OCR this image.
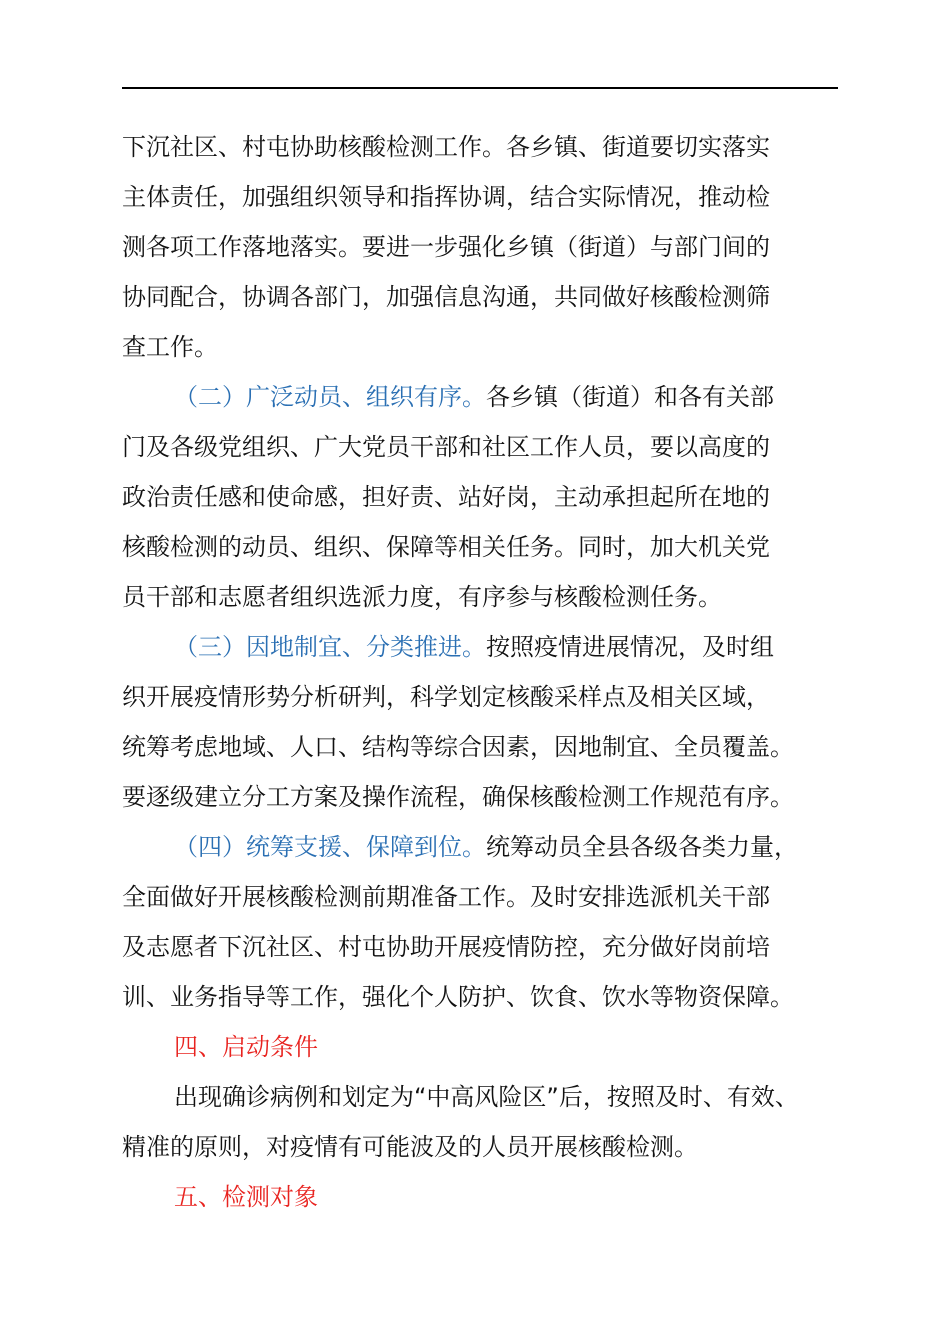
下沉社区、村屯协助核酸检测工作。各乡镇、街道要切实落实
主体责任，加强组织领导和指挥协调，结合实际情况，推动检
测各项工作落地落实。要进一步强化乡镇（街道）与部门间的
协同配合，协调各部门，加强信息沟通，共同做好核酸检测筛
查工作。
（二）广泛动员、组织有序。各乡镇（街道）和各有关部
门及各级党组织、广大党员干部和社区工作人员，要以高度的
政治责任感和使命感，担好责、站好岗，主动承担起所在地的
核酸检测的动员、组织、保障等相关任务。同时，加大机关党
员干部和志愿者组织选派力度，有序参与核酸检测任务。
（三）因地制宜、分类推进。按照疫情进展情况，及时组
织开展疫情形势分析研判，科学划定核酸采样点及相关区域，
统筹考虑地域、人口、结构等综合因素，因地制宜、全员覆盖。
要逐级建立分工方案及操作流程，确保核酸检测工作规范有序。
（四）统筹支援、保障到位。统筹动员全县各级各类力量，
全面做好开展核酸检测前期准备工作。及时安排选派机关干部
及志愿者下沉社区、村屯协助开展疫情防控，充分做好岗前培
训、业务指导等工作，强化个人防护、饮食、饮水等物资保障。
四、启动条件
出现确诊病例和划定为“中高风险区”后，按照及时、有效、
精准的原则，对疫情有可能波及的人员开展核酸检测。
五、检测对象
